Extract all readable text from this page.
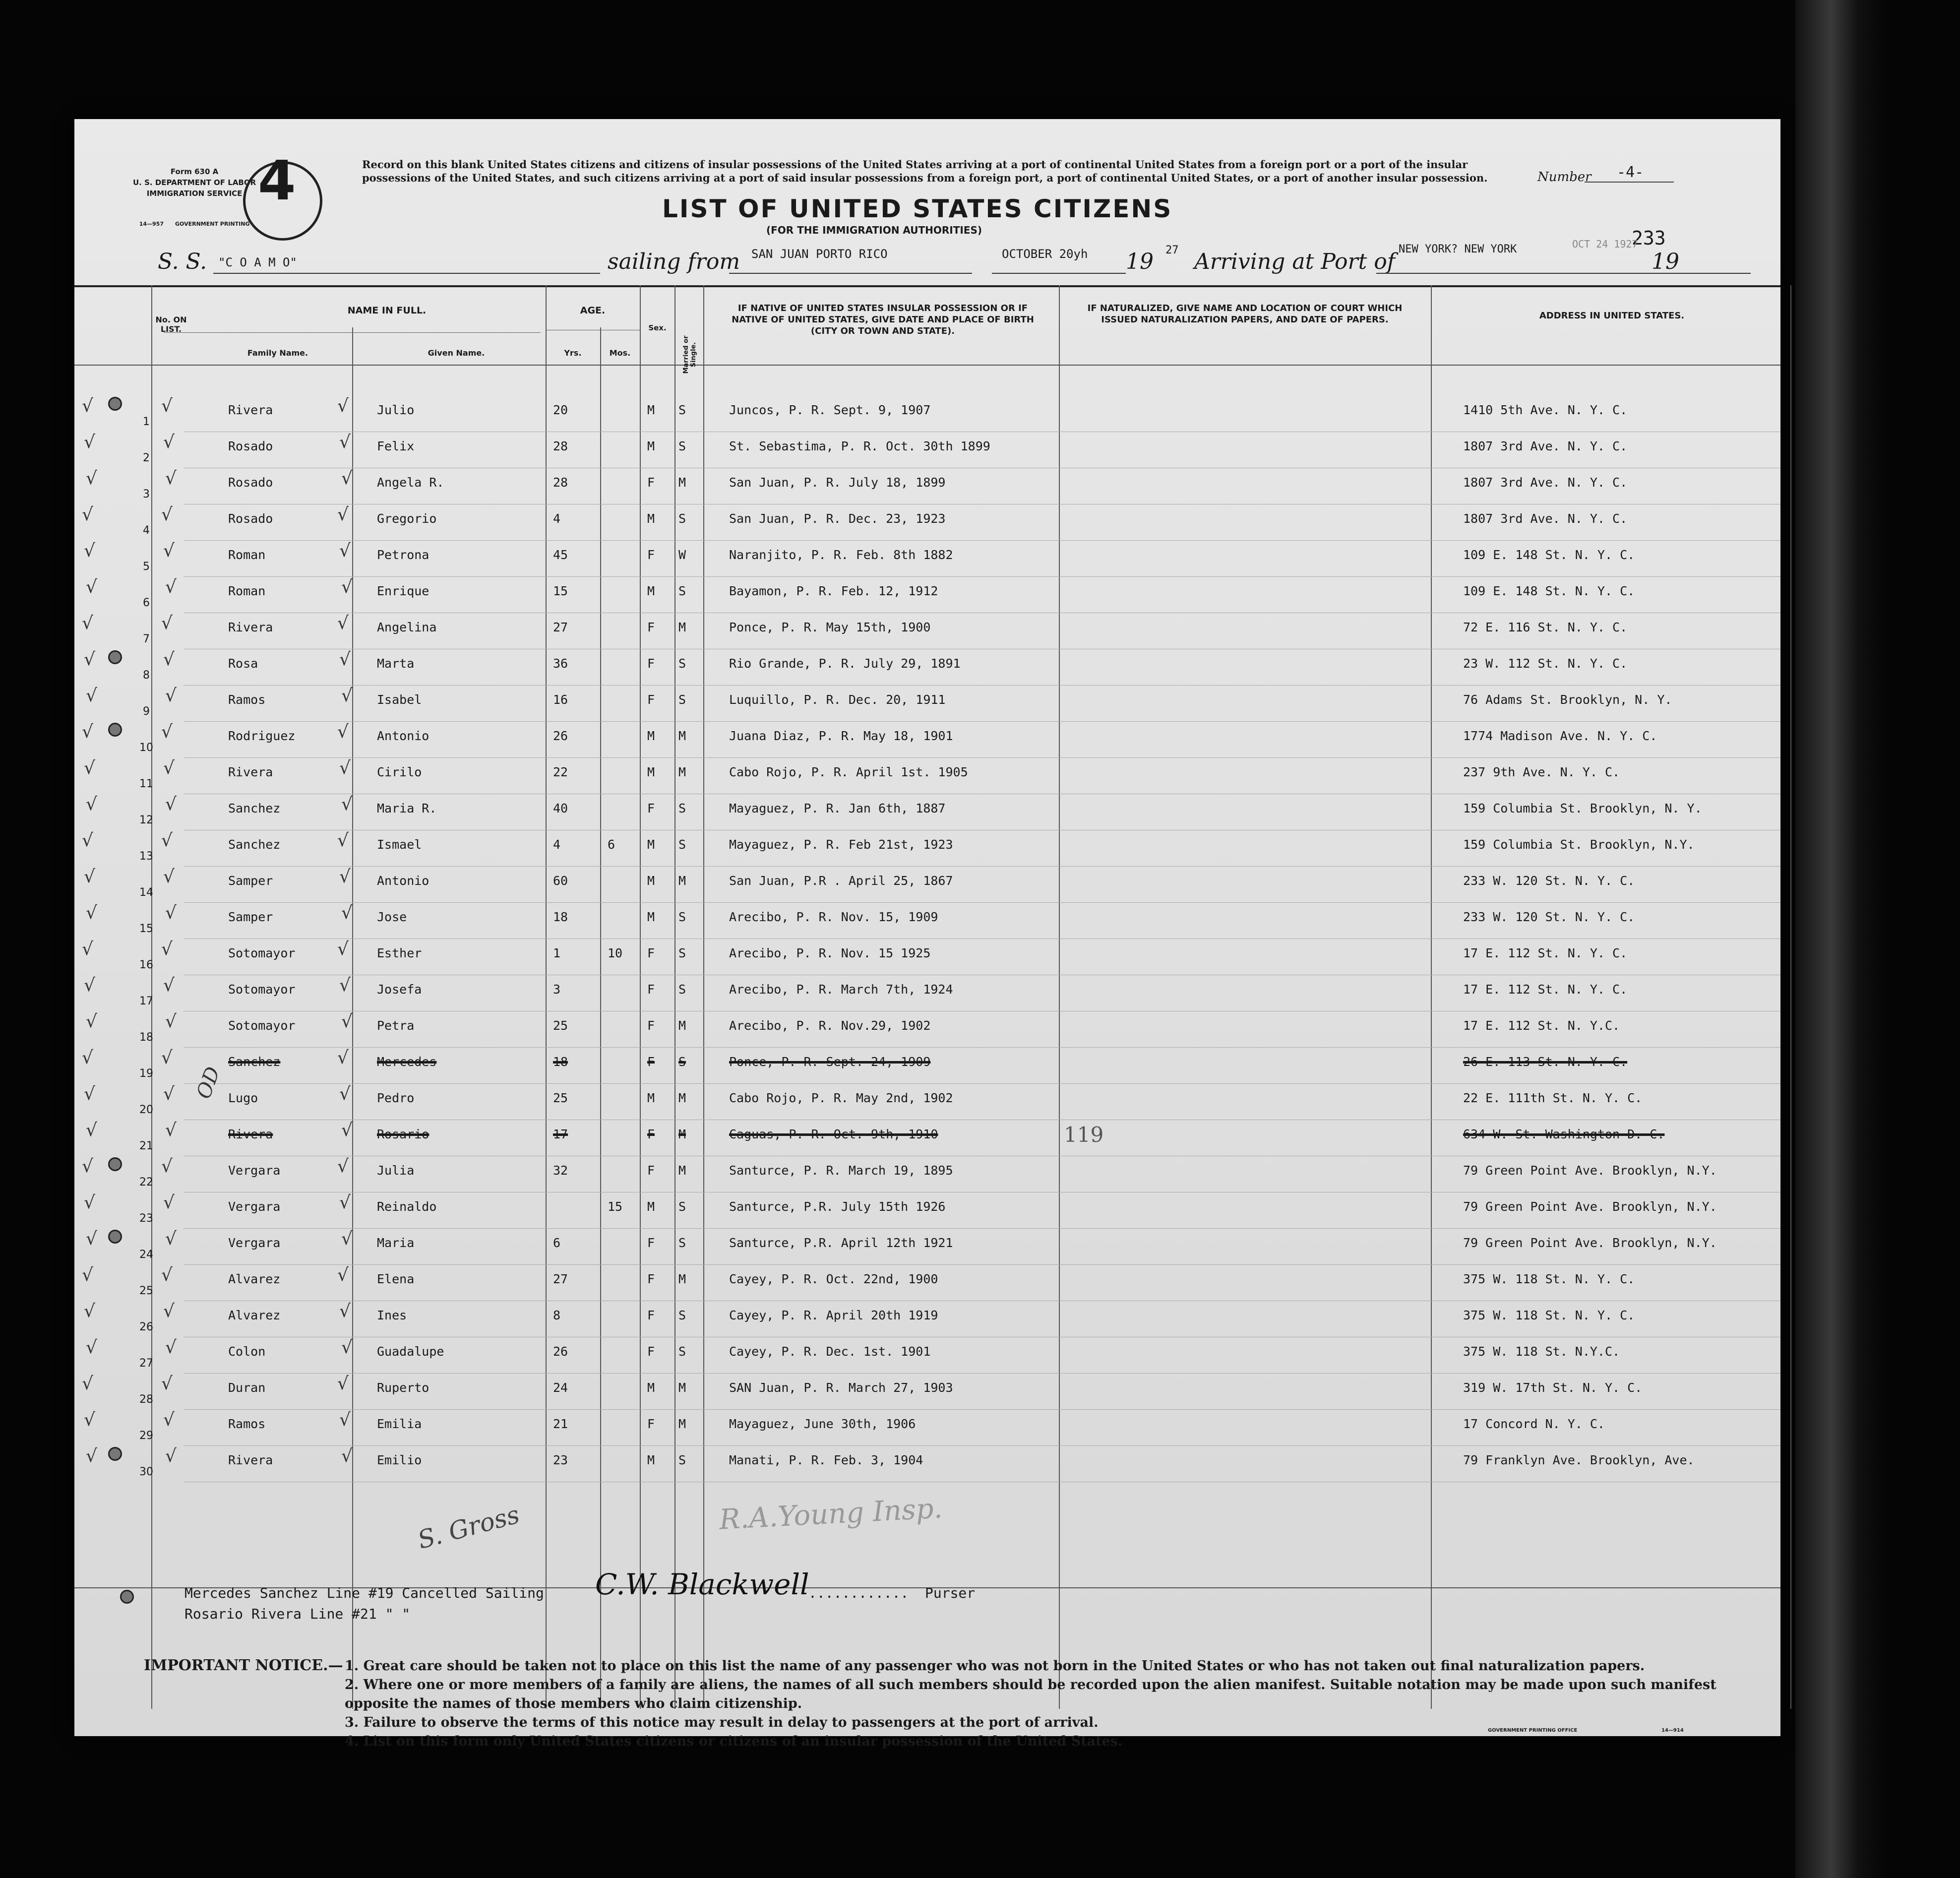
Form 630 A
U. S. DEPARTMENT OF LABOR
IMMIGRATION SERVICE
14—957 GOVERNMENT PRINTING
4	Record on this blank United States citizens and citizens of insular possessions of the United States arriving at a port of continental United States from a foreign port or a port of the insular possessions of the United States, and such citizens arriving at a port of said insular possessions from a foreign port, a port of continental United States, or a port of another insular possession.
LIST OF UNITED STATES CITIZENS
(FOR THE IMMIGRATION AUTHORITIES)
Number -4-
233
S. S. "C O A M O"	sailing from SAN JUAN PORTO RICO	OCTOBER 20yh 19 27 Arriving at Port of NEW YORK? NEW YORK	OCT 24 1927
19
No. ON LIST.
NAME IN FULL.
Family Name.	Given Name.
AGE.
Yrs.	Mos.
Sex.
Married or Single.
IF NATIVE OF UNITED STATES INSULAR POSSESSION OR IF NATIVE OF UNITED STATES, GIVE DATE AND PLACE OF BIRTH (CITY OR TOWN AND STATE).
IF NATURALIZED, GIVE NAME AND LOCATION OF COURT WHICH ISSUED NATURALIZATION PAPERS, AND DATE OF PAPERS.	ADDRESS IN UNITED STATES.
1
Rivera	Julio	20	M S	Juncos, P. R. Sept. 9, 1907	1410 5th Ave. N. Y. C.
√	√	√
2
Rosado	Felix	28	M S	St. Sebastima, P. R. Oct. 30th 1899	1807 3rd Ave. N. Y. C.
√	√	√
3
Rosado	Angela R.	28	F M	San Juan, P. R. July 18, 1899	1807 3rd Ave. N. Y. C.
√	√	√
4
Rosado	Gregorio	4	M S	San Juan, P. R. Dec. 23, 1923	1807 3rd Ave. N. Y. C.
√	√	√
5
Roman	Petrona	45	F W	Naranjito, P. R. Feb. 8th 1882	109 E. 148 St. N. Y. C.
√	√	√
6
Roman	Enrique	15	M S	Bayamon, P. R. Feb. 12, 1912	109 E. 148 St. N. Y. C.
√	√	√
7
Rivera	Angelina	27	F M	Ponce, P. R. May 15th, 1900	72 E. 116 St. N. Y. C.
√	√	√
8
Rosa	Marta	36	F S	Rio Grande, P. R. July 29, 1891	23 W. 112 St. N. Y. C.
√	√	√
9
Ramos	Isabel	16	F S	Luquillo, P. R. Dec. 20, 1911	76 Adams St. Brooklyn, N. Y.
√	√	√
10
Rodriguez	Antonio	26	M M	Juana Diaz, P. R. May 18, 1901	1774 Madison Ave. N. Y. C.
√	√	√
11
Rivera	Cirilo	22	M M	Cabo Rojo, P. R. April 1st. 1905	237 9th Ave. N. Y. C.
√	√	√
12
Sanchez	Maria R.	40	F S	Mayaguez, P. R. Jan 6th, 1887	159 Columbia St. Brooklyn, N. Y.
√	√	√
13
Sanchez	Ismael	4	6	M S	Mayaguez, P. R. Feb 21st, 1923	159 Columbia St. Brooklyn, N.Y.
√	√	√
14
Samper	Antonio	60	M M	San Juan, P.R . April 25, 1867	233 W. 120 St. N. Y. C.
√	√	√
15
Samper	Jose	18	M S	Arecibo, P. R. Nov. 15, 1909	233 W. 120 St. N. Y. C.
√	√	√
16
Sotomayor	Esther	1	10	F S	Arecibo, P. R. Nov. 15 1925	17 E. 112 St. N. Y. C.
√	√	√
17
Sotomayor	Josefa	3	F S	Arecibo, P. R. March 7th, 1924	17 E. 112 St. N. Y. C.
√	√	√
18
Sotomayor	Petra	25	F M	Arecibo, P. R. Nov.29, 1902	17 E. 112 St. N. Y.C.
√	√	√
19
Sanchez	Mercedes	18	F S	Ponce, P. R. Sept. 24, 1909	26 E. 113 St. N. Y. C.
√	√	√
20
Lugo	Pedro	25	M M	Cabo Rojo, P. R. May 2nd, 1902	22 E. 111th St. N. Y. C.
√	√	√
21
Rivera	Rosario	17	F M	Caguas, P. R. Oct. 9th, 1910	634 W. St. Washington D. C.
√	√	√
22
Vergara	Julia	32	F M	Santurce, P. R. March 19, 1895	79 Green Point Ave. Brooklyn, N.Y.
√	√	√
23
Vergara	Reinaldo	15	M S	Santurce, P.R. July 15th 1926	79 Green Point Ave. Brooklyn, N.Y.
√	√	√
24
Vergara	Maria	6	F S	Santurce, P.R. April 12th 1921	79 Green Point Ave. Brooklyn, N.Y.
√	√	√
25
Alvarez	Elena	27	F M	Cayey, P. R. Oct. 22nd, 1900	375 W. 118 St. N. Y. C.
√	√	√
26
Alvarez	Ines	8	F S	Cayey, P. R. April 20th 1919	375 W. 118 St. N. Y. C.
√	√	√
27
Colon	Guadalupe	26	F S	Cayey, P. R. Dec. 1st. 1901	375 W. 118 St. N.Y.C.
√	√	√
28
Duran	Ruperto	24	M M	SAN Juan, P. R. March 27, 1903	319 W. 17th St. N. Y. C.
√	√	√
29
Ramos	Emilia	21	F M	Mayaguez, June 30th, 1906	17 Concord N. Y. C.
√	√	√
30
Rivera	Emilio	23	M S	Manati, P. R. Feb. 3, 1904	79 Franklyn Ave. Brooklyn, Ave.
√	√	√
OD
119
R.A.Young Insp.
S. Gross
Mercedes Sanchez Line #19 Cancelled Sailing
Rosario Rivera Line #21 " "
C.W. Blackwell
............ Purser
IMPORTANT NOTICE.— 1. Great care should be taken not to place on this list the name of any passenger who was not born in the United States or who has not taken out final naturalization papers.
2. Where one or more members of a family are aliens, the names of all such members should be recorded upon the alien manifest. Suitable notation may be made upon such manifest opposite the names of those members who claim citizenship.
3. Failure to observe the terms of this notice may result in delay to passengers at the port of arrival.
4. List on this form only United States citizens or citizens of an insular possession of the United States.
GOVERNMENT PRINTING OFFICE	14—914
